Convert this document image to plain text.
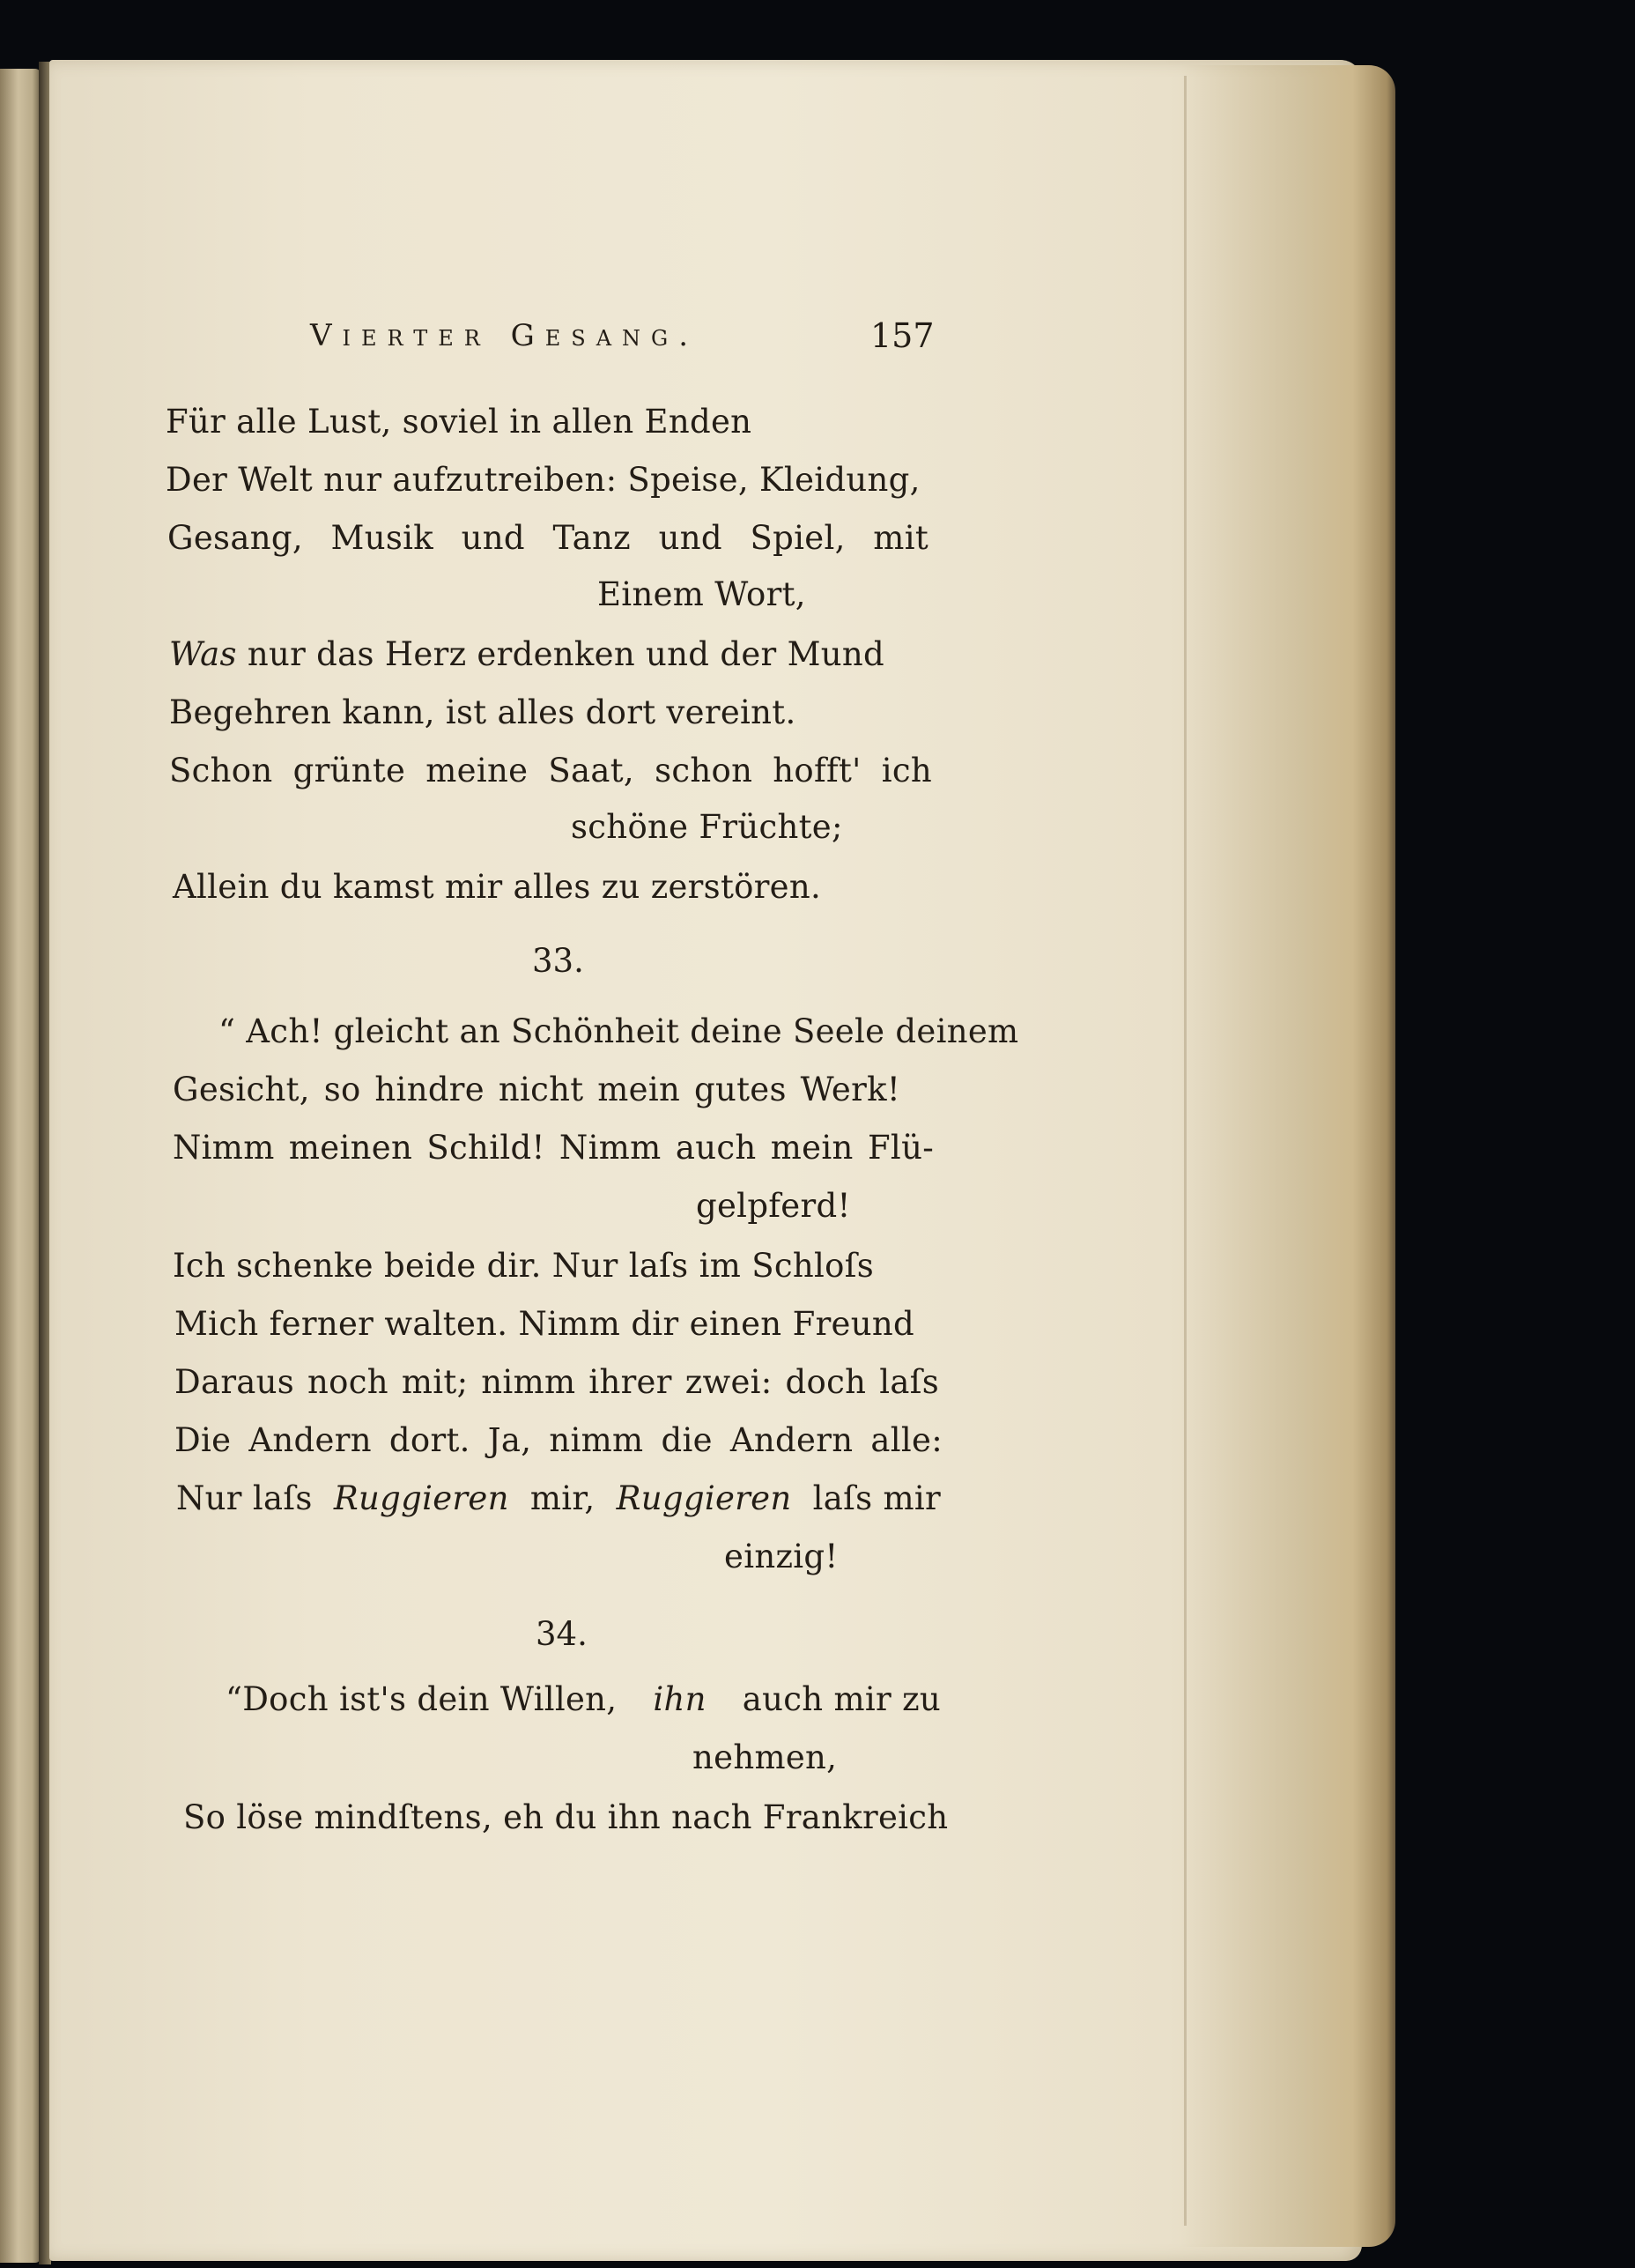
Vierter Gesang.	157
Für alle Lust, soviel in allen Enden
Der Welt nur aufzutreiben: Speise, Kleidung,
Gesang, Musik und Tanz und Spiel, mit
Einem Wort,
Was nur das Herz erdenken und der Mund
Begehren kann, ist alles dort vereint.
Schon grünte meine Saat, schon hofft' ich
schöne Früchte;
Allein du kamst mir alles zu zerstören.
33.
“ Ach! gleicht an Schönheit deine Seele deinem
Gesicht, so hindre nicht mein gutes Werk!
Nimm meinen Schild! Nimm auch mein Flü-
gelpferd!
Ich schenke beide dir. Nur laſs im Schloſs
Mich ferner walten. Nimm dir einen Freund
Daraus noch mit; nimm ihrer zwei: doch laſs
Die Andern dort. Ja, nimm die Andern alle:
Nur laſs Ruggieren mir, Ruggieren laſs mir
einzig!
34.
“Doch ist's dein Willen, ihn auch mir zu
nehmen,
So löse mindſtens, eh du ihn nach Frankreich
